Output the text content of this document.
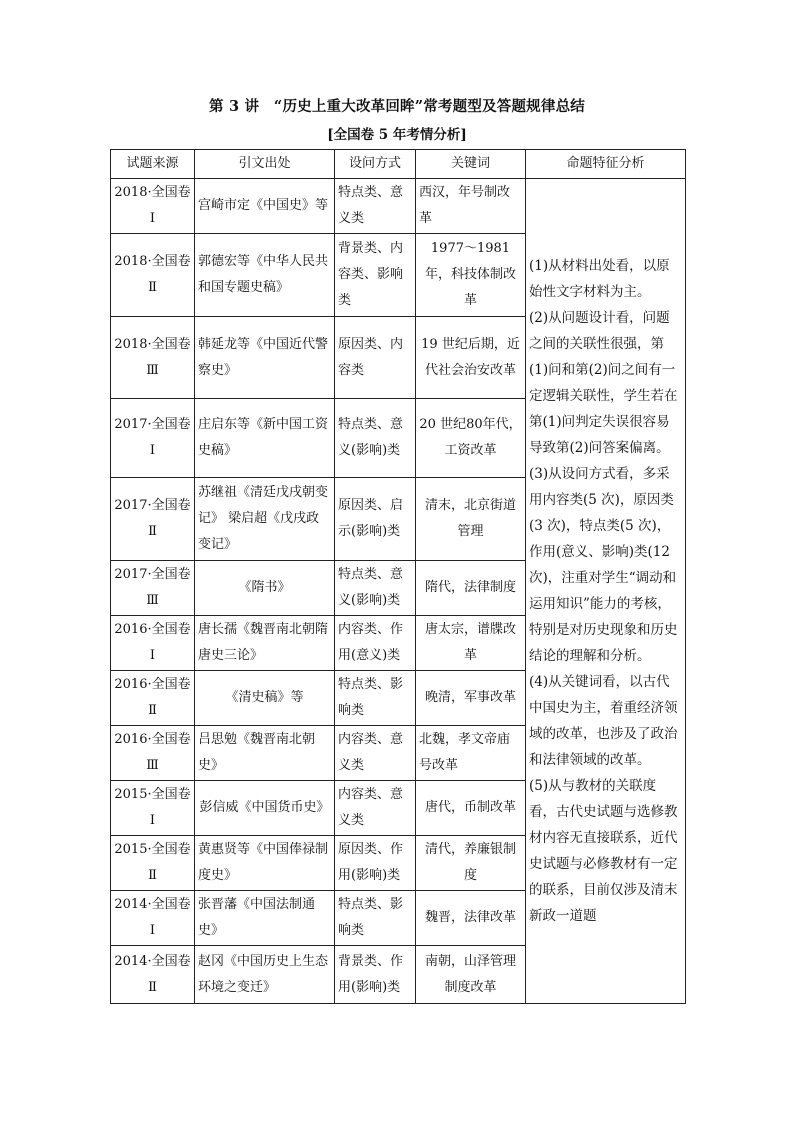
第 3 讲　“历史上重大改革回眸”常考题型及答题规律总结
[全国卷 5 年考情分析]
试题来源	引文出处	设问方式	关键词	命题特征分析
2018·全国卷Ⅰ	宫崎市定《中国史》等	特点类、意义类	西汉，年号制改革	(1)从材料出处看，以原始性文字材料为主。

(2)从问题设计看，问题之间的关联性很强，第(1)问和第(2)问之间有一定逻辑关联性，学生若在第(1)问判定失误很容易导致第(2)问答案偏离。

(3)从设问方式看，多采用内容类(5 次)，原因类(3 次)，特点类(5 次)，作用(意义、影响)类(12次)，注重对学生“调动和运用知识”能力的考核，特别是对历史现象和历史结论的理解和分析。

(4)从关键词看，以古代中国史为主，着重经济领域的改革，也涉及了政治和法律领域的改革。

(5)从与教材的关联度看，古代史试题与选修教材内容无直接联系，近代史试题与必修教材有一定的联系，目前仅涉及清末新政一道题

2018·全国卷Ⅱ	郭德宏等《中华人民共和国专题史稿》	背景类、内容类、影响类	1977～1981 年，科技体制改革	
2018·全国卷Ⅲ	韩延龙等《中国近代警察史》	原因类、内容类	19 世纪后期，近代社会治安改革	
2017·全国卷Ⅰ	庄启东等《新中国工资史稿》	特点类、意义(影响)类	20 世纪80年代，工资改革	
2017·全国卷Ⅱ	苏继祖《清廷戊戌朝变记》 梁启超《戊戌政变记》	原因类、启示(影响)类	清末，北京街道管理	
2017·全国卷Ⅲ	《隋书》	特点类、意义(影响)类	隋代，法律制度	
2016·全国卷Ⅰ	唐长孺《魏晋南北朝隋唐史三论》	内容类、作用(意义)类	唐太宗，谱牒改革	
2016·全国卷Ⅱ	《清史稿》等	特点类、影响类	晚清，军事改革	
2016·全国卷Ⅲ	吕思勉《魏晋南北朝史》	内容类、意义类	北魏，孝文帝庙号改革	
2015·全国卷Ⅰ	彭信威《中国货币史》	内容类、意义类	唐代，币制改革	
2015·全国卷Ⅱ	黄惠贤等《中国俸禄制度史》	原因类、作用(影响)类	清代，养廉银制度	
2014·全国卷Ⅰ	张晋藩《中国法制通史》	特点类、影响类	魏晋，法律改革	
2014·全国卷Ⅱ	赵冈《中国历史上生态环境之变迁》	背景类、作用(影响)类	南朝，山泽管理制度改革	
